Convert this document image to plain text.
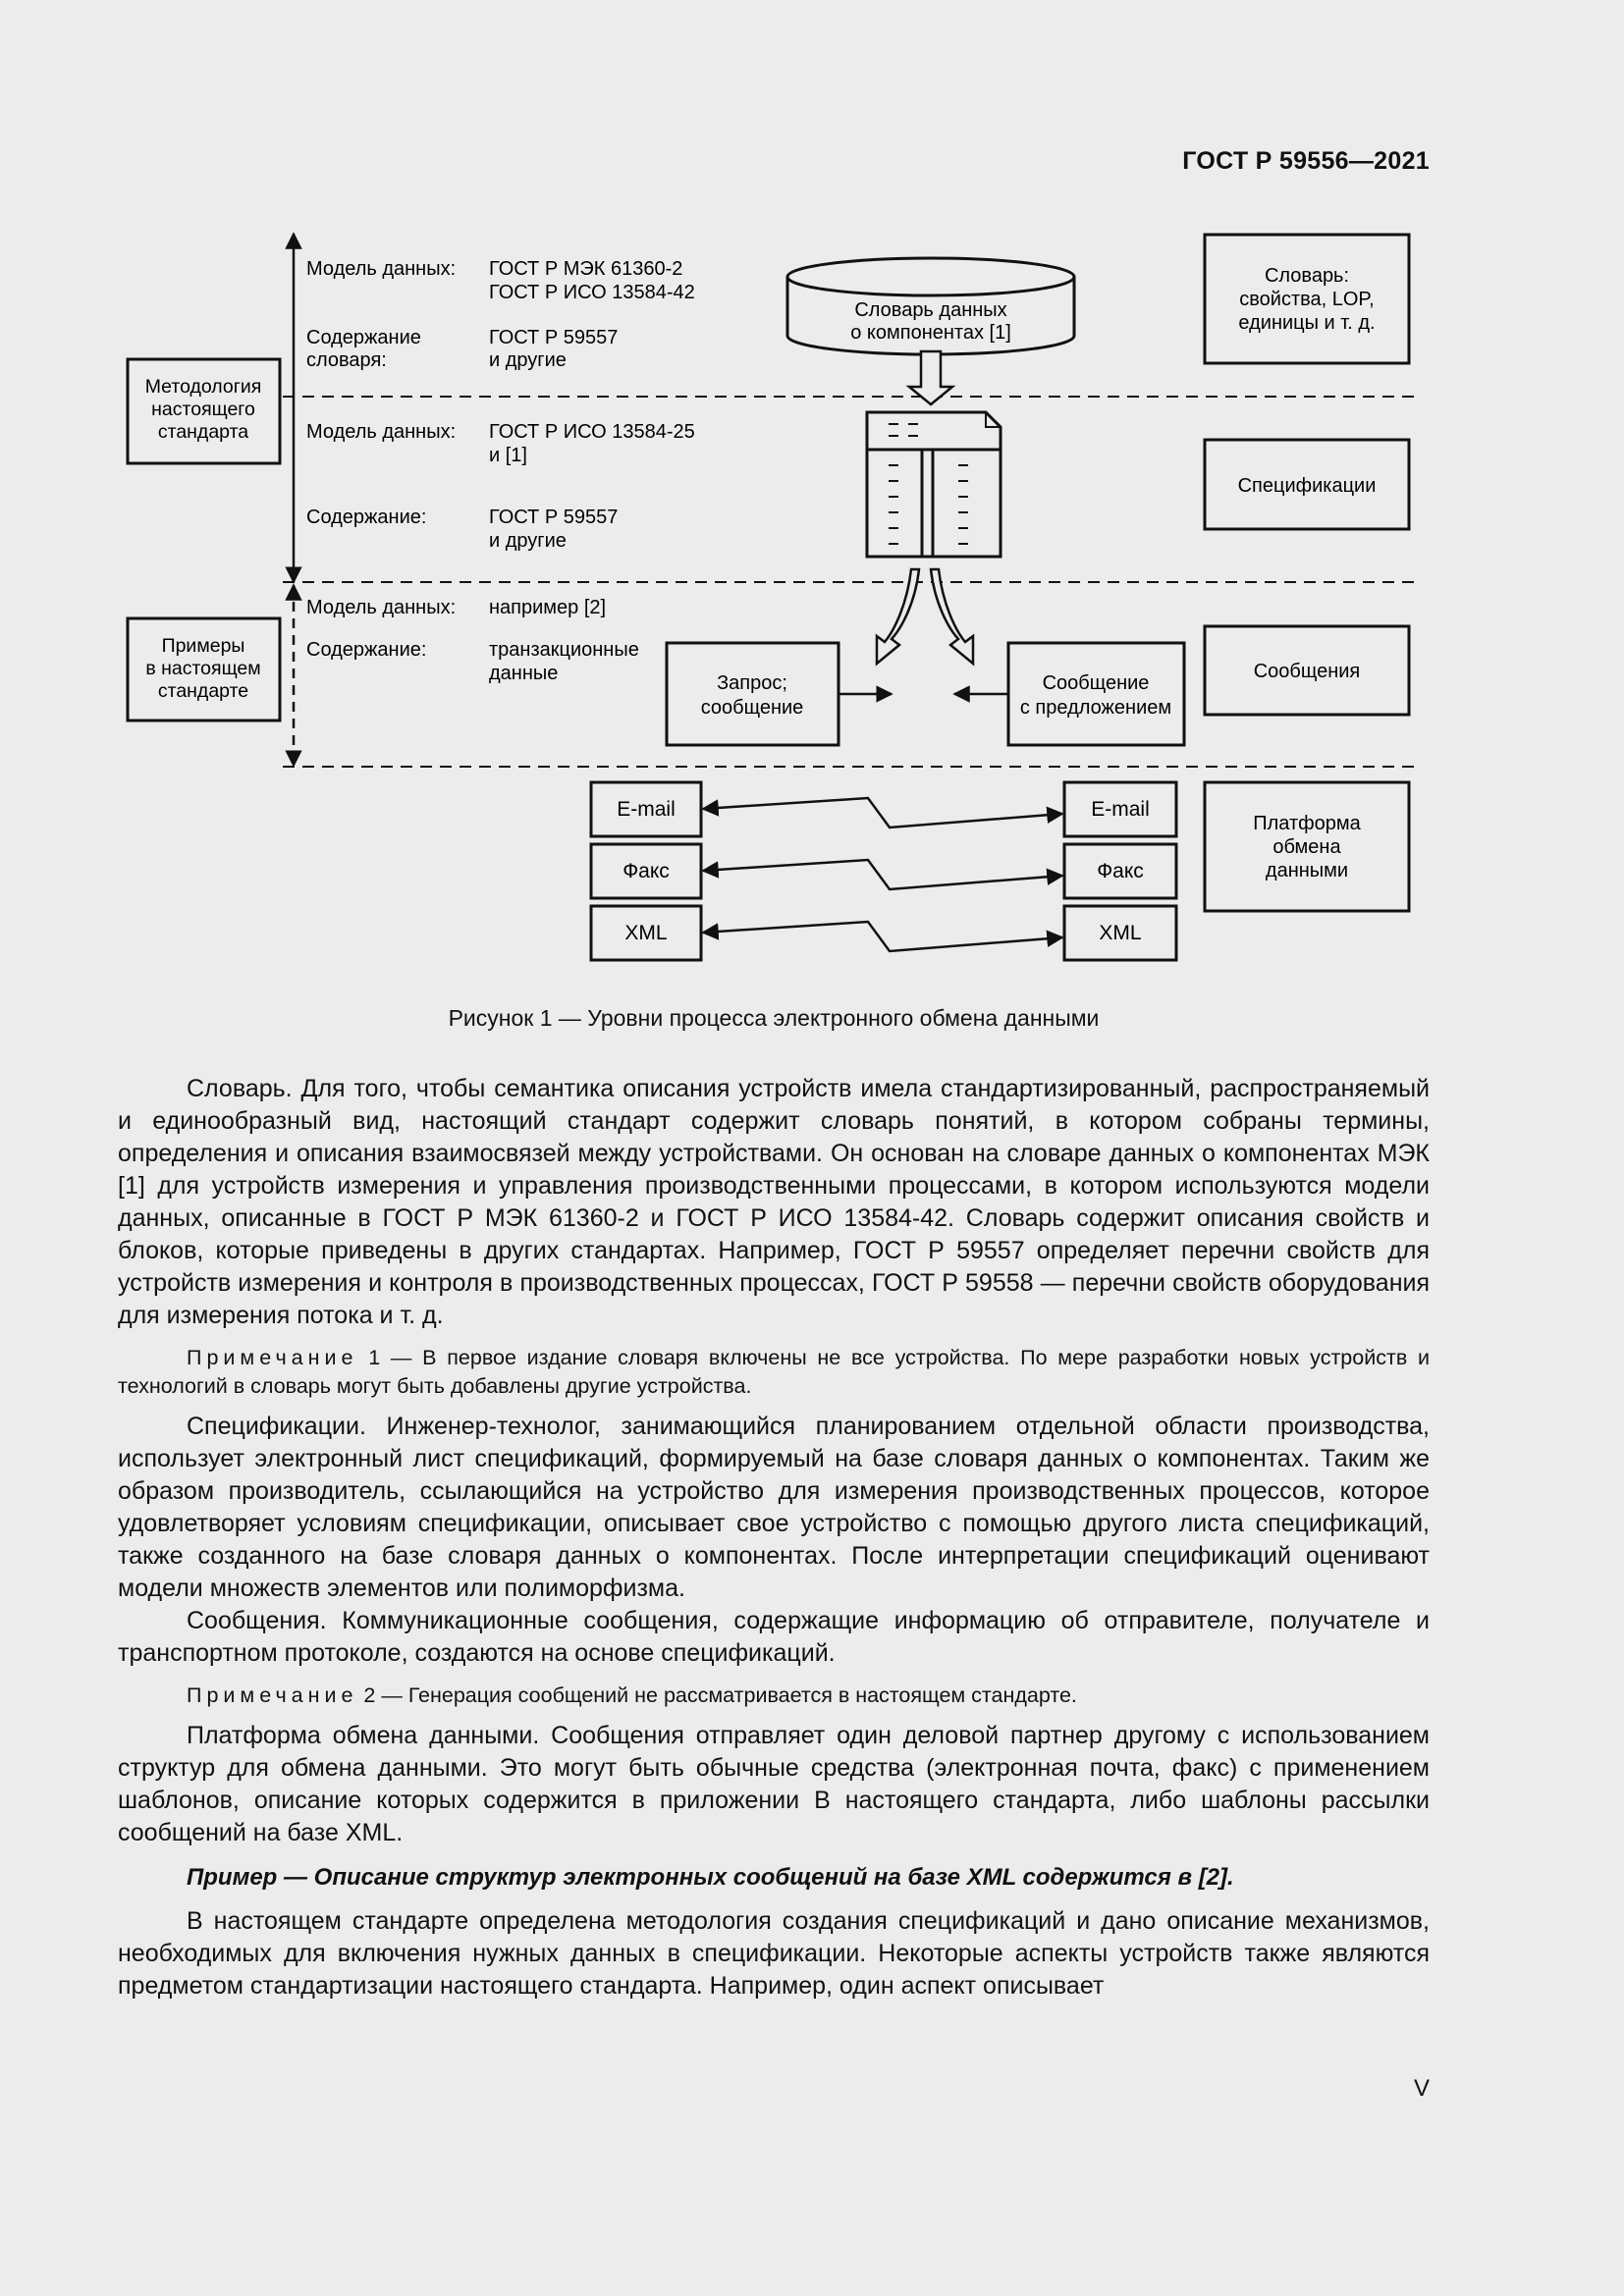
ГОСТ Р 59556—2021
Методология
настоящего
стандарта
Примеры
в настоящем
стандарте
Модель данных: ГОСТ Р МЭК 61360-2
ГОСТ Р ИСО 13584-42
Содержание
словаря:
ГОСТ Р 59557
и другие
Модель данных: ГОСТ Р ИСО 13584-25
и [1]
Содержание:	ГОСТ Р 59557
и другие
Модель данных: например [2]
Содержание:	транзакционные
данные
Словарь данных
о компонентах [1]
Запрос;
сообщение
Сообщение
с предложением
Словарь:
свойства, LOP,
единицы и т. д.
Спецификации
Сообщения
Платформа
обмена
данными
E-mail
Факс
XML
E-mail
Факс
XML
Рисунок 1 — Уровни процесса электронного обмена данными

Словарь. Для того, чтобы семантика описания устройств имела стандартизированный, распространяемый и единообразный вид, настоящий стандарт содержит словарь понятий, в котором собраны термины, определения и описания взаимосвязей между устройствами. Он основан на словаре данных о компонентах МЭК [1] для устройств измерения и управления производственными процессами, в котором используются модели данных, описанные в ГОСТ Р МЭК 61360-2 и ГОСТ Р ИСО 13584-42. Словарь содержит описания свойств и блоков, которые приведены в других стандартах. Например, ГОСТ Р 59557 определяет перечни свойств для устройств измерения и контроля в производственных процессах, ГОСТ Р 59558 — перечни свойств оборудования для измерения потока и т. д.

Примечание 1 — В первое издание словаря включены не все устройства. По мере разработки новых устройств и технологий в словарь могут быть добавлены другие устройства.

Спецификации. Инженер-технолог, занимающийся планированием отдельной области производства, использует электронный лист спецификаций, формируемый на базе словаря данных о компонентах. Таким же образом производитель, ссылающийся на устройство для измерения производственных процессов, которое удовлетворяет условиям спецификации, описывает свое устройство с помощью другого листа спецификаций, также созданного на базе словаря данных о компонентах. После интерпретации спецификаций оценивают модели множеств элементов или полиморфизма.

Сообщения. Коммуникационные сообщения, содержащие информацию об отправителе, получателе и транспортном протоколе, создаются на основе спецификаций.

Примечание 2 — Генерация сообщений не рассматривается в настоящем стандарте.

Платформа обмена данными. Сообщения отправляет один деловой партнер другому с использованием структур для обмена данными. Это могут быть обычные средства (электронная почта, факс) с применением шаблонов, описание которых содержится в приложении В настоящего стандарта, либо шаблоны рассылки сообщений на базе XML.

Пример — Описание структур электронных сообщений на базе XML содержится в [2].

В настоящем стандарте определена методология создания спецификаций и дано описание механизмов, необходимых для включения нужных данных в спецификации. Некоторые аспекты устройств также являются предметом стандартизации настоящего стандарта. Например, один аспект описывает

V
